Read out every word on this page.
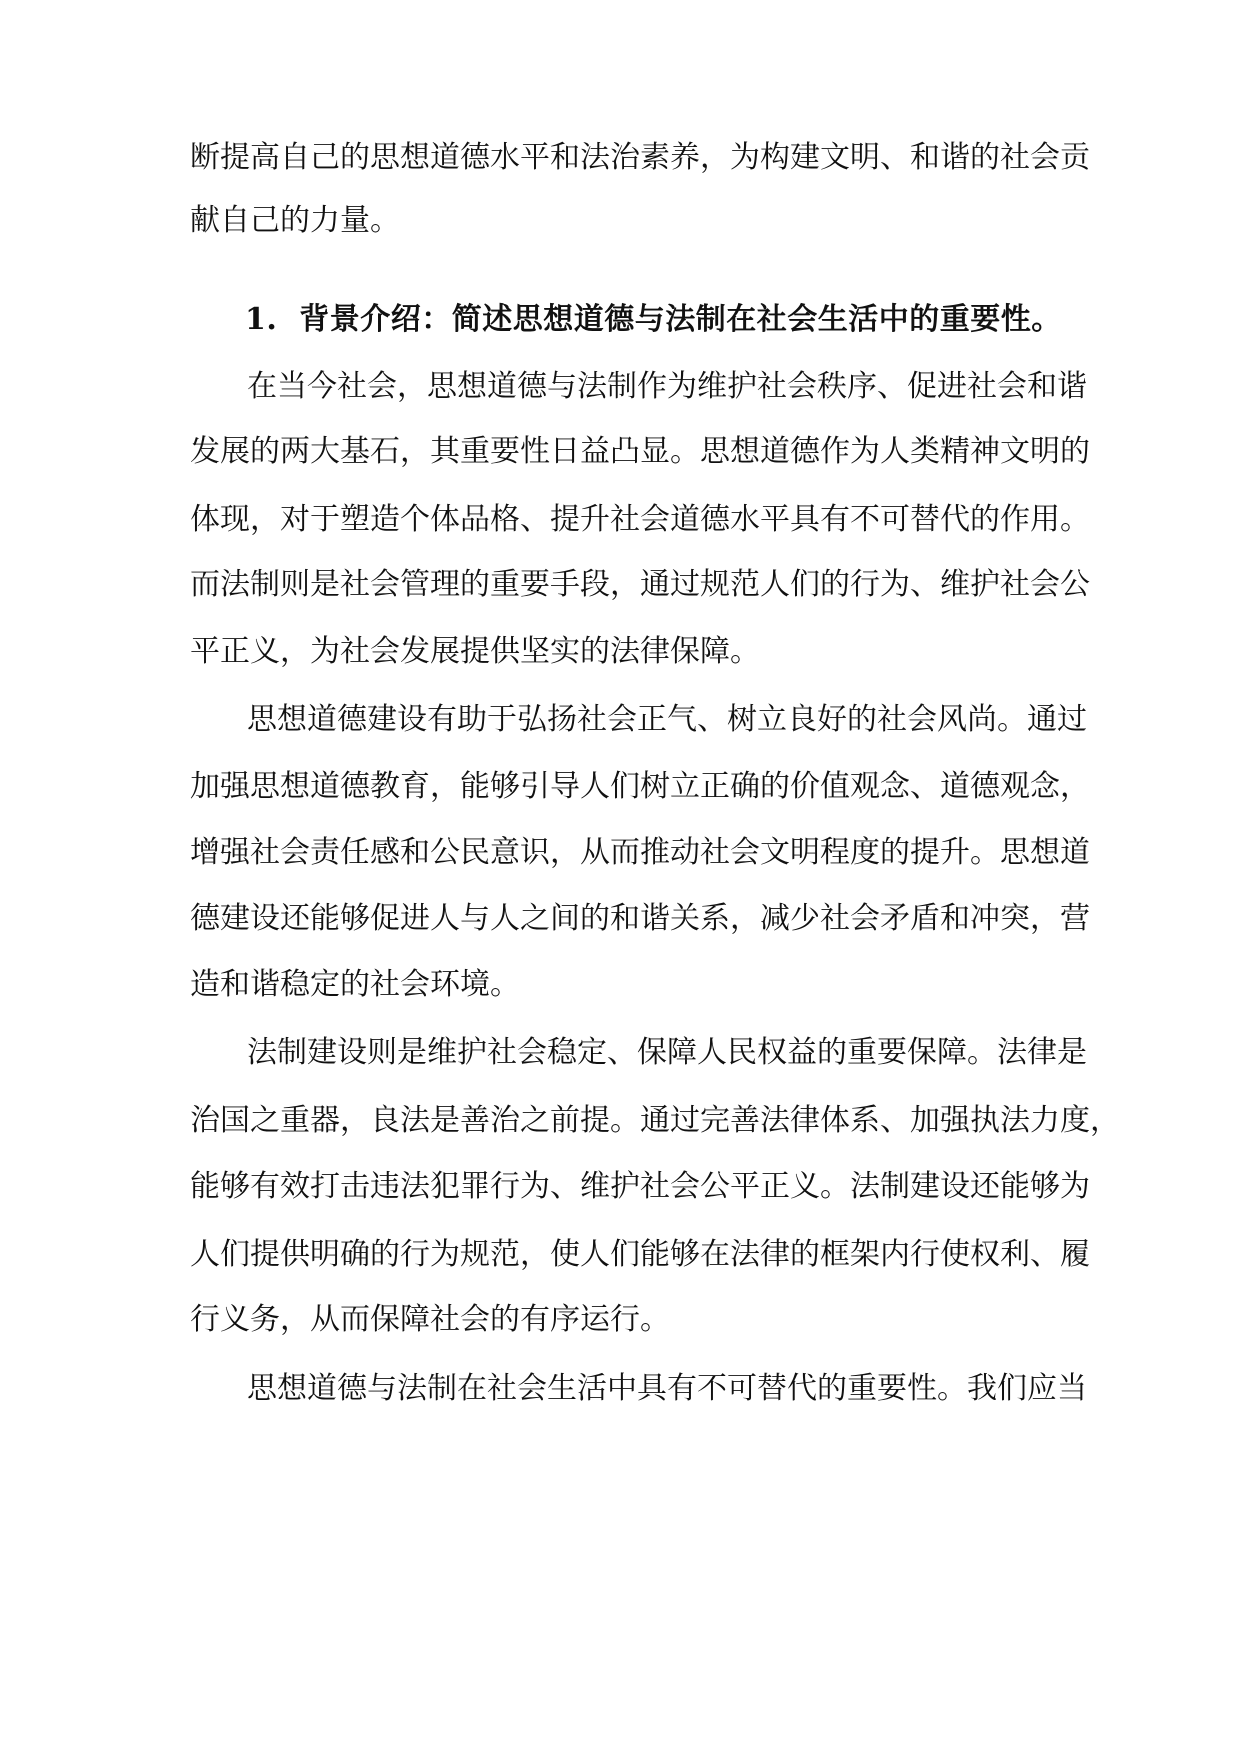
断提高自己的思想道德水平和法治素养，为构建文明、和谐的社会贡
献自己的力量。
1. 背景介绍：简述思想道德与法制在社会生活中的重要性。
在当今社会，思想道德与法制作为维护社会秩序、促进社会和谐
发展的两大基石，其重要性日益凸显。思想道德作为人类精神文明的
体现，对于塑造个体品格、提升社会道德水平具有不可替代的作用。
而法制则是社会管理的重要手段，通过规范人们的行为、维护社会公
平正义，为社会发展提供坚实的法律保障。
思想道德建设有助于弘扬社会正气、树立良好的社会风尚。通过
加强思想道德教育，能够引导人们树立正确的价值观念、道德观念，
增强社会责任感和公民意识，从而推动社会文明程度的提升。思想道
德建设还能够促进人与人之间的和谐关系，减少社会矛盾和冲突，营
造和谐稳定的社会环境。
法制建设则是维护社会稳定、保障人民权益的重要保障。法律是
治国之重器，良法是善治之前提。通过完善法律体系、加强执法力度，
能够有效打击违法犯罪行为、维护社会公平正义。法制建设还能够为
人们提供明确的行为规范，使人们能够在法律的框架内行使权利、履
行义务，从而保障社会的有序运行。
思想道德与法制在社会生活中具有不可替代的重要性。我们应当
